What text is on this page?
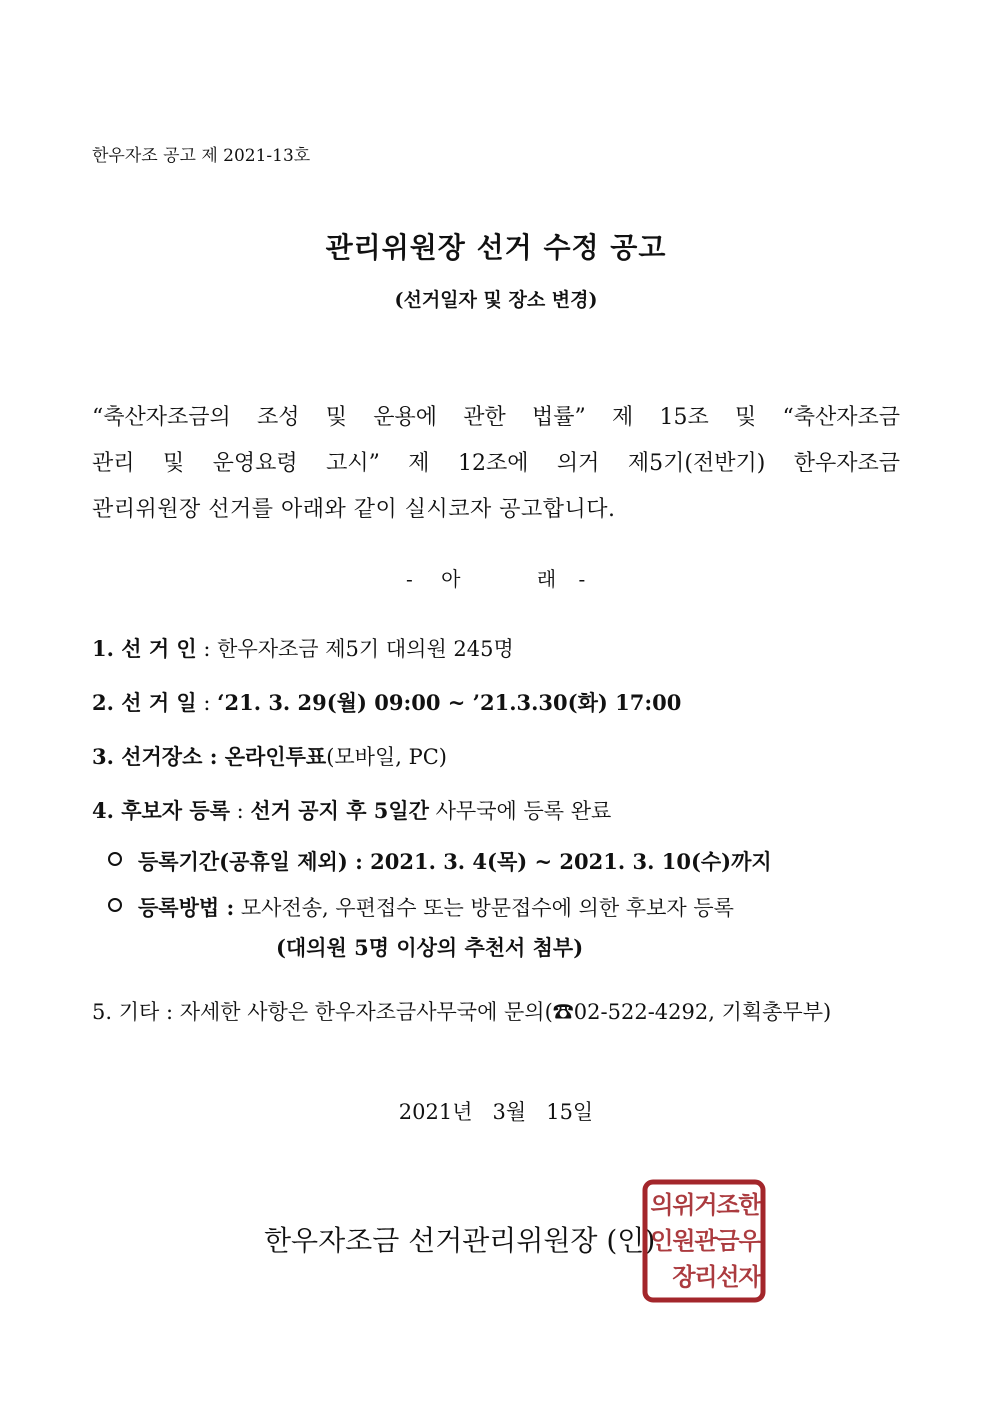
한우자조 공고 제 2021-13호
관리위원장 선거 수정 공고
(선거일자 및 장소 변경)
“축산자조금의 조성 및 운용에 관한 법률” 제 15조 및 “축산자조금
관리 및 운영요령 고시” 제 12조에 의거 제5기(전반기) 한우자조금
관리위원장 선거를 아래와 같이 실시코자 공고합니다.
- 아	래 -
1. 선 거 인 : 한우자조금 제5기 대의원 245명
2. 선 거 일 : ‘21. 3. 29(월) 09:00 ~ ’21.3.30(화) 17:00
3. 선거장소 : 온라인투표(모바일, PC)
4. 후보자 등록 : 선거 공지 후 5일간 사무국에 등록 완료
등록기간(공휴일 제외) : 2021. 3. 4(목) ~ 2021. 3. 10(수)까지
등록방법 : 모사전송, 우편접수 또는 방문접수에 의한 후보자 등록
(대의원 5명 이상의 추천서 첨부)
5. 기타 : 자세한 사항은 한우자조금사무국에 문의(☎02-522-4292, 기획총무부)
2021년   3월   15일
한우자조금 선거관리위원장 (인)
한
우
자
조
금
선
거
관
리
위
원
장
의
인
